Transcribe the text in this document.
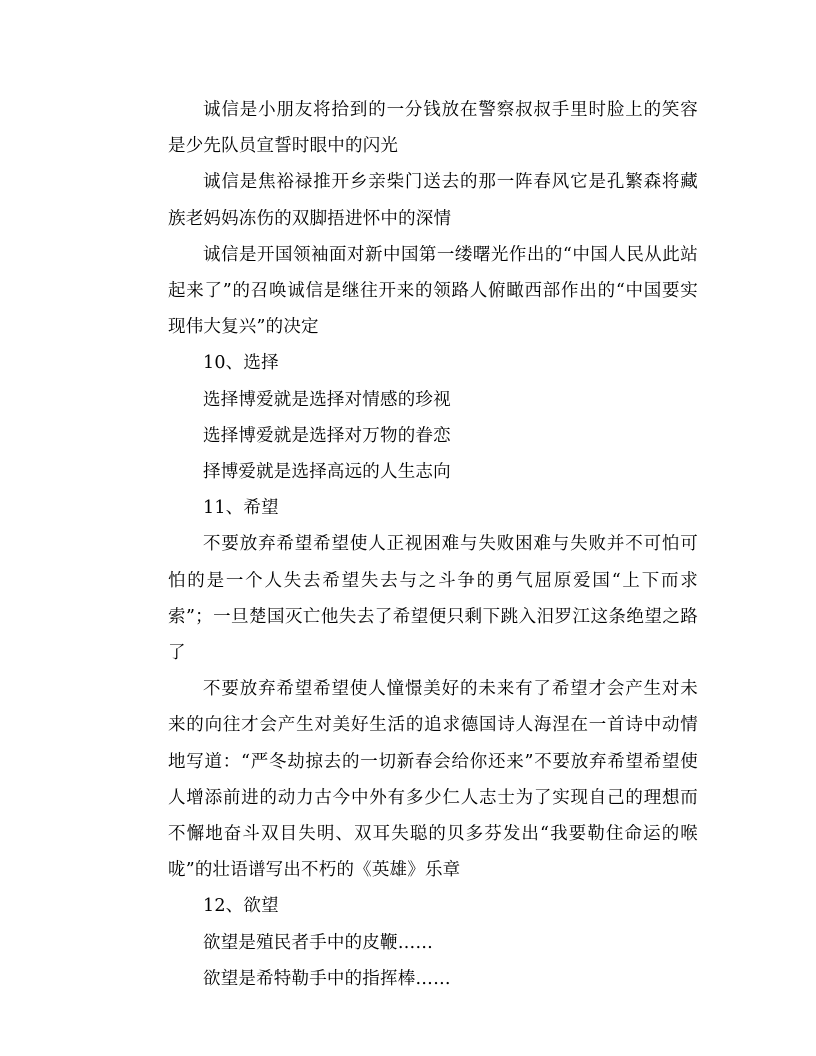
诚信是小朋友将拾到的一分钱放在警察叔叔手里时脸上的笑容是少先队员宣誓时眼中的闪光

诚信是焦裕禄推开乡亲柴门送去的那一阵春风它是孔繁森将藏族老妈妈冻伤的双脚捂进怀中的深情

诚信是开国领袖面对新中国第一缕曙光作出的“中国人民从此站起来了”的召唤诚信是继往开来的领路人俯瞰西部作出的“中国要实现伟大复兴”的决定

10、选择

选择博爱就是选择对情感的珍视

选择博爱就是选择对万物的眷恋

择博爱就是选择高远的人生志向

11、希望

不要放弃希望希望使人正视困难与失败困难与失败并不可怕可怕的是一个人失去希望失去与之斗争的勇气屈原爱国“上下而求索”；一旦楚国灭亡他失去了希望便只剩下跳入汨罗江这条绝望之路了

不要放弃希望希望使人憧憬美好的未来有了希望才会产生对未来的向往才会产生对美好生活的追求德国诗人海涅在一首诗中动情地写道：“严冬劫掠去的一切新春会给你还来”不要放弃希望希望使人增添前进的动力古今中外有多少仁人志士为了实现自己的理想而不懈地奋斗双目失明、双耳失聪的贝多芬发出“我要勒住命运的喉咙”的壮语谱写出不朽的《英雄》乐章

12、欲望

欲望是殖民者手中的皮鞭……

欲望是希特勒手中的指挥棒……
